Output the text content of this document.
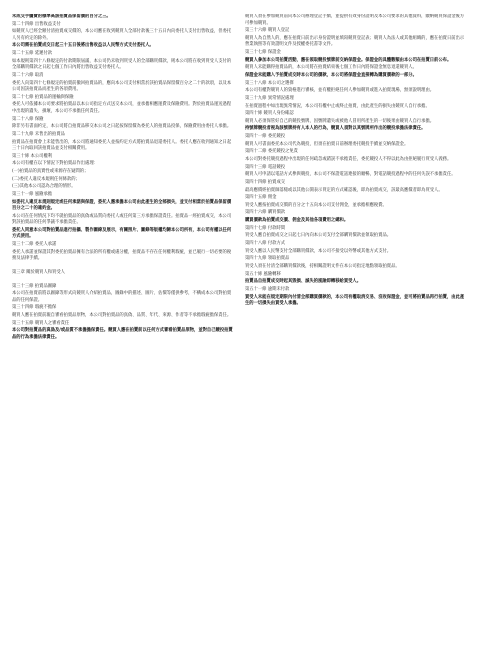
未成交手續費的標準高該拍賣品保留價的百分之三。

第二十四條 出售收益支付

如競買人已經全額付清拍賣成交價的，本公司應在收到競買人全部付款後三十五日內向委托人支付出售收益，但委托人另有約定的除外。

本公司需在拍賣成交日起三十五日後將出售收益以人民幣方式支付委托人。

第二十五條 延遲付款

如本規則第四十八條規定的付款期限屆滿，本公司仍未收到買受人的全部購買價款，則本公司將在收到買受人支付的全部購買價款之日起七個工作日內將出售收益支付委托人。

第二十六條 取消

委托人向第四十七條規定的拍賣前撤回拍賣品的，應向本公司支付相當於該拍賣品保留價百分之二十的款項，以及本公司因該拍賣品而產生的各項費用。

第二十七條 拍賣品的運輸與保險

委托人可依據本公司要求將拍賣品以本公司指定方式送交本公司，並承擔相應運費及保險費用。對於拍賣品運送過程中出現的遺失、損壞，本公司不承擔任何責任。

第二十八條 保險

除非另有書面約定，本公司將自拍賣品移交本公司之日起按保留價為委托人的拍賣品投保，保險費用由委托人承擔。

第二十九條 未售出的拍賣品

拍賣品在拍賣會上未能售出的，本公司將通知委托人並按約定方式將拍賣品退還委托人。委托人應在收到通知之日起三十日內取回該拍賣品並支付相關費用。

第三十條 本公司權利

本公司有權在以下情況下對拍賣品作出處理：

(一)拍賣品的真實性或來源存在疑問的；

(二)委托人違反本規則任何條款的；

(三)其他本公司認為合理的情形。

第三十一條 風險承擔

如委托人違反本規則規定或任何承諾與保證，委托人應承擔本公司由此產生的全部損失，並支付相當於拍賣品保留價百分之二十的違約金。

本公司在任何情況下均不就拍賣品的真偽或品質向委托人或任何第三方承擔保證責任。拍賣品一經拍賣成交，本公司對該拍賣品的任何爭議不承擔責任。

委托人同意本公司對拍賣品進行拍攝、製作圖錄及展示，有關照片、圖錄等版權均歸本公司所有，本公司有權以任何方式使用。

第三十二條 委托人承諾

委托人承諾並保證其對委托拍賣品擁有合法的所有權或處分權，拍賣品不存在任何權利瑕疵，並已履行一切必要的稅務及法律手續。

第三章 關於競買人和買受人

第三十三條 拍賣品圖錄

本公司在拍賣前將以圖錄等形式向競買人介紹拍賣品，圖錄中的描述、圖片、估價等僅供參考，不構成本公司對拍賣品的任何保證。

第三十四條 瑕疵不擔保

競買人應在拍賣前親自審看拍賣品原物，本公司對拍賣品的真偽、品質、年代、來源、作者等不承擔瑕疵擔保責任。

第三十五條 競買人之審看責任

本公司對拍賣品的真偽及/或品質不承擔擔保責任。競買人應在拍賣前以任何方式審看拍賣品原物，並對自己競投拍賣品的行為承擔法律責任。

競買人須在參加競買前向本公司辦理登記手續，並提供有效身份證明及本公司要求的其他資料，繳納競買保證金後方可參加競買。

第三十六條 競買人登記

競買人為自然人的，應在拍賣日前出示身份證明並填寫競買登記表；競買人為法人或其他組織的，應在拍賣日前出示營業執照等有效證明文件及授權委托書等文件。

第三十七條 保證金

競買人參加本公司拍賣活動，應在領取競投號牌前交納保證金。保證金的具體數額由本公司在拍賣日前公布。

競買人未能購得拍賣品的，本公司將在拍賣結束後七個工作日內將保證金無息退還競買人。

保證金未能購入予拍賣成交時本公司的價款，本公司將保證金直接轉為購買價款的一部分。

第三十八條 本公司之選擇

本公司有權對競買人的資格進行審核，並有權拒絕任何人參加競買或進入拍賣現場，無須說明理由。

第三十九條 異常情況處理

在拍賣過程中如出現異常情況，本公司有權中止或終止拍賣，由此產生的損失由競買人自行承擔。

第四十條 競買人身份確認

競買人必須保管好自己的競投號牌，因號牌遺失或被他人冒用所產生的一切後果由競買人自行承擔。

持號牌競投者視為該號牌持有人本人的行為，競買人須對以其號牌所作出的競投承擔法律責任。

第四十一條 委托競投

競買人可書面委托本公司代為競投，但須在拍賣日前辦理委托競投手續並交納保證金。

第四十二條 委托競投之免責

本公司對委托競投過程中出現的任何疏忽或錯誤不承擔責任，委托競投人不得以此為由拒絕履行買受人義務。

第四十三條 電話競投

競買人可申請以電話方式參與競投，本公司不保證電話連接的順暢，對電話競投過程中的任何失誤不承擔責任。

第四十四條 拍賣成交

最高應價經拍賣師落槌或以其他公開表示買定的方式確認後，即為拍賣成交，該最高應價者即為買受人。

第四十五條 佣金

買受人應按拍賣成交價的百分之十五向本公司支付佣金，並承擔相應稅費。

第四十六條 購買價款

購買價款為拍賣成交價、佣金及其他各項費用之總和。

第四十七條 付款時間

買受人應自拍賣成交之日起七日內向本公司支付全部購買價款並領取拍賣品。

第四十八條 付款方式

買受人應以人民幣支付全部購買價款，本公司不接受以外幣或其他方式支付。

第四十九條 領取拍賣品

買受人須在付清全部購買價款後，持相關證明文件在本公司指定地點領取拍賣品。

第五十條 風險轉移

拍賣品自拍賣成交時起其毀損、滅失的風險即轉移給買受人。

第五十一條 逾期未付款

買受人未能在規定期限內付清全部購買價款的，本公司有權取消交易、沒收保證金，並可將拍賣品再行拍賣，由此產生的一切損失由買受人承擔。
